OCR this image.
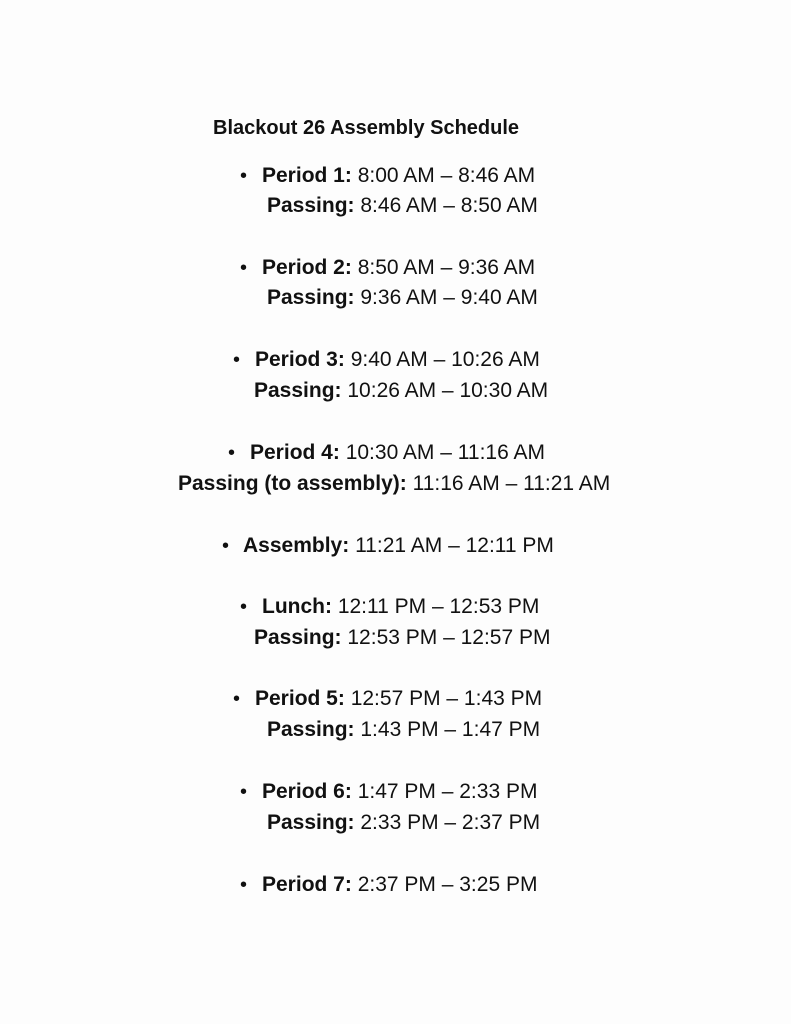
Blackout 26 Assembly Schedule
• Period 1: 8:00 AM – 8:46 AM
Passing: 8:46 AM – 8:50 AM
• Period 2: 8:50 AM – 9:36 AM
Passing: 9:36 AM – 9:40 AM
• Period 3: 9:40 AM – 10:26 AM
Passing: 10:26 AM – 10:30 AM
• Period 4: 10:30 AM – 11:16 AM
Passing (to assembly): 11:16 AM – 11:21 AM
• Assembly: 11:21 AM – 12:11 PM
• Lunch: 12:11 PM – 12:53 PM
Passing: 12:53 PM – 12:57 PM
• Period 5: 12:57 PM – 1:43 PM
Passing: 1:43 PM – 1:47 PM
• Period 6: 1:47 PM – 2:33 PM
Passing: 2:33 PM – 2:37 PM
• Period 7: 2:37 PM – 3:25 PM
